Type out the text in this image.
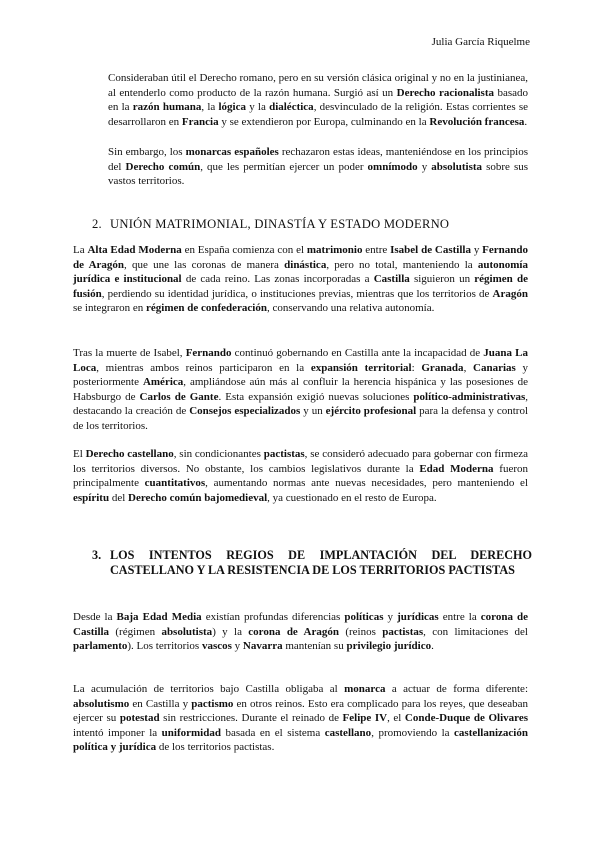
Julia García Riquelme

Consideraban útil el Derecho romano, pero en su versión clásica original y no en la justinianea, al entenderlo como producto de la razón humana. Surgió así un Derecho racionalista basado en la razón humana, la lógica y la dialéctica, desvinculado de la religión. Estas corrientes se desarrollaron en Francia y se extendieron por Europa, culminando en la Revolución francesa.

Sin embargo, los monarcas españoles rechazaron estas ideas, manteniéndose en los principios del Derecho común, que les permitían ejercer un poder omnímodo y absolutista sobre sus vastos territorios.

2. UNIÓN MATRIMONIAL, DINASTÍA Y ESTADO MODERNO

La Alta Edad Moderna en España comienza con el matrimonio entre Isabel de Castilla y Fernando de Aragón, que une las coronas de manera dinástica, pero no total, manteniendo la autonomía jurídica e institucional de cada reino. Las zonas incorporadas a Castilla siguieron un régimen de fusión, perdiendo su identidad jurídica, o instituciones previas, mientras que los territorios de Aragón se integraron en régimen de confederación, conservando una relativa autonomía.

Tras la muerte de Isabel, Fernando continuó gobernando en Castilla ante la incapacidad de Juana La Loca, mientras ambos reinos participaron en la expansión territorial: Granada, Canarias y posteriormente América, ampliándose aún más al confluir la herencia hispánica y las posesiones de Habsburgo de Carlos de Gante. Esta expansión exigió nuevas soluciones político-administrativas, destacando la creación de Consejos especializados y un ejército profesional para la defensa y control de los territorios.

El Derecho castellano, sin condicionantes pactistas, se consideró adecuado para gobernar con firmeza los territorios diversos. No obstante, los cambios legislativos durante la Edad Moderna fueron principalmente cuantitativos, aumentando normas ante nuevas necesidades, pero manteniendo el espíritu del Derecho común bajomedieval, ya cuestionado en el resto de Europa.

3. LOS INTENTOS REGIOS DE IMPLANTACIÓN DEL DERECHO CASTELLANO Y LA RESISTENCIA DE LOS TERRITORIOS PACTISTAS

Desde la Baja Edad Media existían profundas diferencias políticas y jurídicas entre la corona de Castilla (régimen absolutista) y la corona de Aragón (reinos pactistas, con limitaciones del parlamento). Los territorios vascos y Navarra mantenían su privilegio jurídico.

La acumulación de territorios bajo Castilla obligaba al monarca a actuar de forma diferente: absolutismo en Castilla y pactismo en otros reinos. Esto era complicado para los reyes, que deseaban ejercer su potestad sin restricciones. Durante el reinado de Felipe IV, el Conde-Duque de Olivares intentó imponer la uniformidad basada en el sistema castellano, promoviendo la castellanización política y jurídica de los territorios pactistas.
